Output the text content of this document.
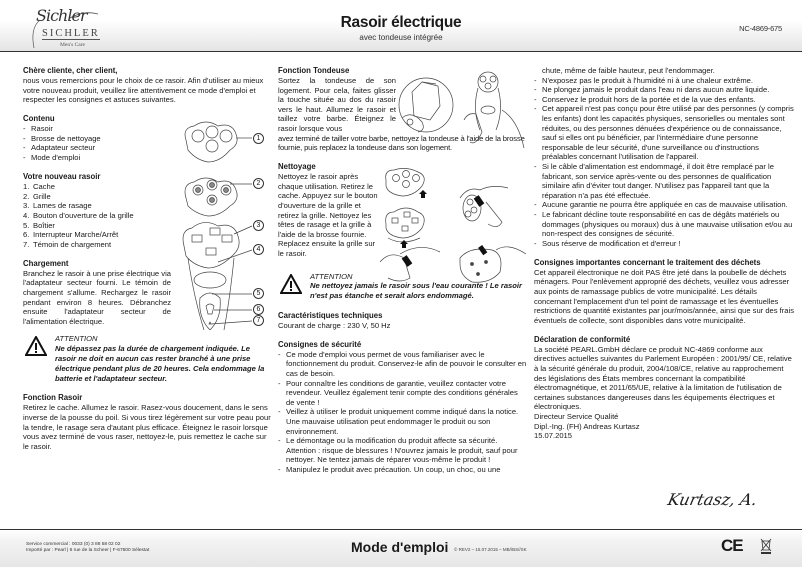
Sichler
SICHLER
Men's Care
Rasoir électrique
avec tondeuse intégrée
NC-4869-675
Chère cliente, cher client,

nous vous remercions pour le choix de ce rasoir. Afin d'utiliser au mieux votre nouveau produit, veuillez lire attentivement ce mode d'emploi et respecter les consignes et astuces suivantes.

Contenu
- Rasoir
- Brosse de nettoyage
- Adaptateur secteur
- Mode d'emploi
Votre nouveau rasoir
1. Cache
2. Grille
3. Lames de rasage
4. Bouton d'ouverture de la grille
5. Boîtier
6. Interrupteur Marche/Arrêt
7. Témoin de chargement
Chargement

Branchez le rasoir à une prise électrique via l'adaptateur secteur fourni. Le témoin de chargement s'allume. Rechargez le rasoir pendant environ 8 heures. Débranchez ensuite l'adaptateur secteur de l'alimentation électrique.

ATTENTION
Ne dépassez pas la durée de chargement indiquée. Le rasoir ne doit en aucun cas rester branché à une prise électrique pendant plus de 20 heures. Cela endommage la batterie et l'adaptateur secteur.
Fonction Rasoir

Retirez le cache. Allumez le rasoir. Rasez-vous doucement, dans le sens inverse de la pousse du poil. Si vous tirez légèrement sur votre peau pour la tendre, le rasage sera d'autant plus efficace. Éteignez le rasoir lorsque vous avez terminé de vous raser, nettoyez-le, puis remettez le cache sur le rasoir.

1
2
3
4
5
6
7
Fonction Tondeuse

Sortez la tondeuse de son logement. Pour cela, faites glisser la touche située au dos du rasoir vers le haut. Allumez le rasoir et taillez votre barbe. Éteignez le rasoir lorsque vous

avez terminé de tailler votre barbe, nettoyez la tondeuse à l'aide de la brosse fournie, puis replacez la tondeuse dans son logement.

Nettoyage

Nettoyez le rasoir après chaque utilisation. Retirez le cache. Appuyez sur le bouton d'ouverture de la grille et retirez la grille. Nettoyez les têtes de rasage et la grille à l'aide de la brosse fournie. Replacez ensuite la grille sur le rasoir.

ATTENTION
Ne nettoyez jamais le rasoir sous l'eau courante ! Le rasoir n'est pas étanche et serait alors endommagé.
Caractéristiques techniques

Courant de charge : 230 V, 50 Hz

Consignes de sécurité
- Ce mode d'emploi vous permet de vous familiariser avec le fonctionnement du produit. Conservez-le afin de pouvoir le consulter en cas de besoin.
- Pour connaître les conditions de garantie, veuillez contacter votre revendeur. Veuillez également tenir compte des conditions générales de vente !
- Veillez à utiliser le produit uniquement comme indiqué dans la notice. Une mauvaise utilisation peut endommager le produit ou son environnement.
- Le démontage ou la modification du produit affecte sa sécurité. Attention : risque de blessures ! N'ouvrez jamais le produit, sauf pour nettoyer. Ne tentez jamais de réparer vous-même le produit !
- Manipulez le produit avec précaution. Un coup, un choc, ou une

chute, même de faible hauteur, peut l'endommager.

- N'exposez pas le produit à l'humidité ni à une chaleur extrême.
- Ne plongez jamais le produit dans l'eau ni dans aucun autre liquide.
- Conservez le produit hors de la portée et de la vue des enfants.
- Cet appareil n'est pas conçu pour être utilisé par des personnes (y compris les enfants) dont les capacités physiques, sensorielles ou mentales sont réduites, ou des personnes dénuées d'expérience ou de connaissance, sauf si elles ont pu bénéficier, par l'intermédiaire d'une personne responsable de leur sécurité, d'une surveillance ou d'instructions préalables concernant l'utilisation de l'appareil.
- Si le câble d'alimentation est endommagé, il doit être remplacé par le fabricant, son service après-vente ou des personnes de qualification similaire afin d'éviter tout danger. N'utilisez pas l'appareil tant que la réparation n'a pas été effectuée.
- Aucune garantie ne pourra être appliquée en cas de mauvaise utilisation.
- Le fabricant décline toute responsabilité en cas de dégâts matériels ou dommages (physiques ou moraux) dus à une mauvaise utilisation et/ou au non-respect des consignes de sécurité.
- Sous réserve de modification et d'erreur !
Consignes importantes concernant le traitement des déchets

Cet appareil électronique ne doit PAS être jeté dans la poubelle de déchets ménagers. Pour l'enlèvement approprié des déchets, veuillez vous adresser aux points de ramassage publics de votre municipalité. Les détails concernant l'emplacement d'un tel point de ramassage et les éventuelles restrictions de quantité existantes par jour/mois/année, ainsi que sur des frais éventuels de collecte, sont disponibles dans votre municipalité.

Déclaration de conformité

La société PEARL.GmbH déclare ce produit NC-4869 conforme aux directives actuelles suivantes du Parlement Européen : 2001/95/ CE, relative à la sécurité générale du produit, 2004/108/CE, relative au rapprochement des législations des États membres concernant la compatibilité électromagnétique, et 2011/65/UE, relative à la limitation de l'utilisation de certaines substances dangereuses dans les équipements électriques et électroniques.

Directeur Service Qualité

Dipl.-Ing. (FH) Andreas Kurtasz

15.07.2015

Kurtasz, A.
Service commercial : 0033 (0) 3 88 58 02 02
Importé par : Pearl | 6 rue de la Scheer | F-67600 Sélestat	Mode d'emploi © REV2 – 15.07.2015 – MB//BS//SK	CE
